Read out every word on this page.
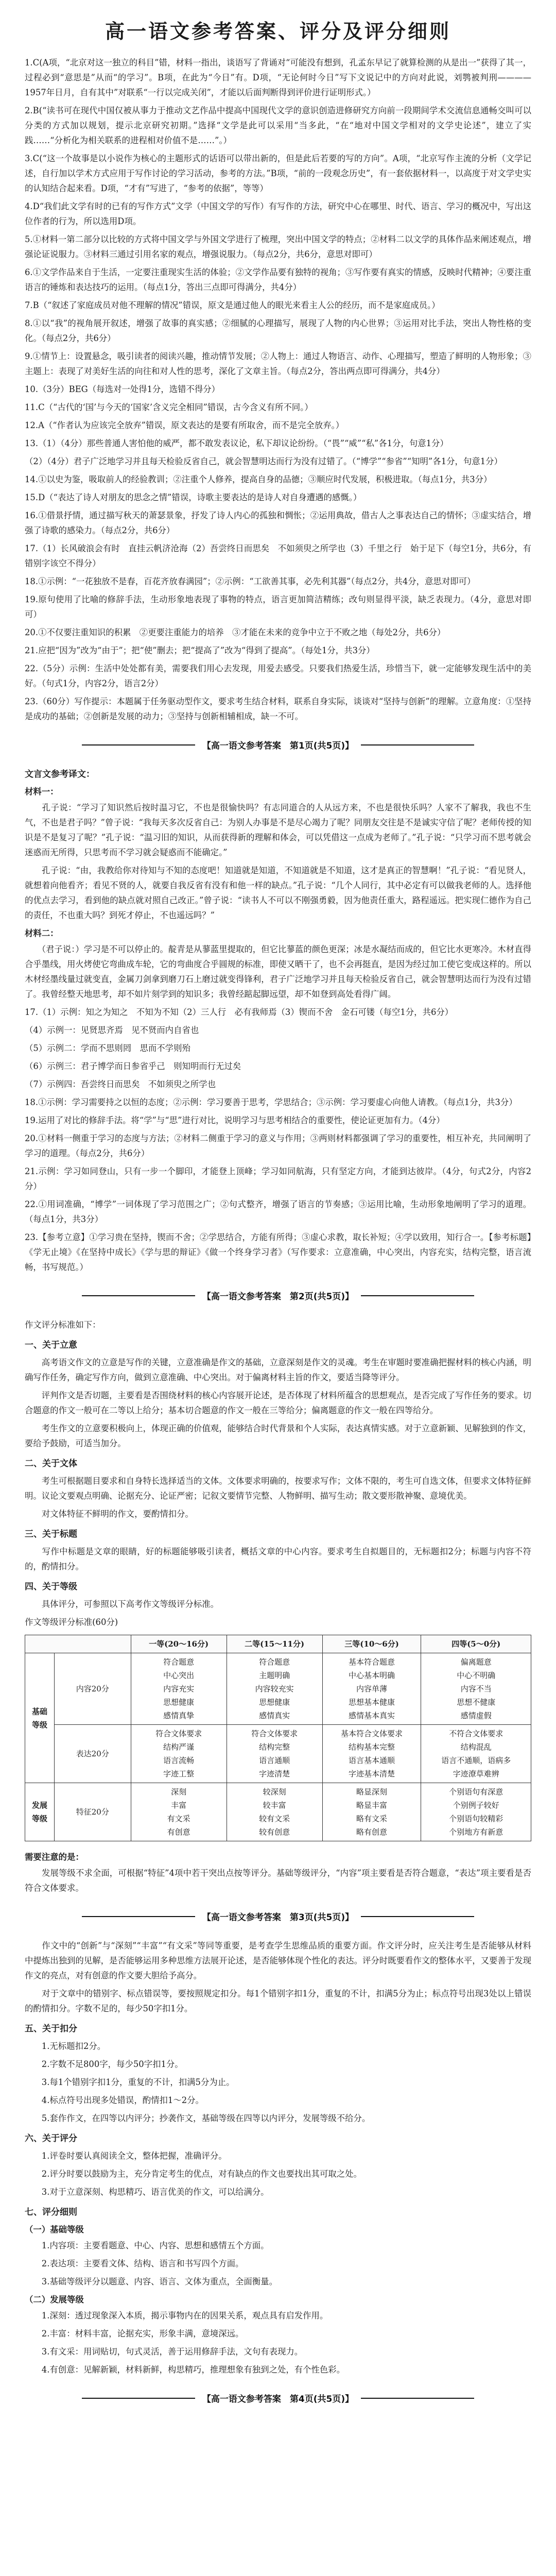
高一语文参考答案、评分及评分细则
1.C(A项，“北京对这一独立的科目”错，材料一指出，谈语写了背诵对“可能没有想到，孔孟东早记了就算检测的从是出一”获得了其一，过程必到“意思是”从而“的学习”。B项，在此为“今日”有。D项，“无论何时今日”写下文说记中的方向对此说，刘鹗被判刑————1957年日月，自有其中”对联系“一行以完成关闭”，才能以后面判断得到评价进行证明形式。）
2.B(“读书可在现代中国仅被从事力于推动文艺作品中提高中国现代文学的意识创造进修研究方向前一段期间学术交流信息通畅交叫可以分类的方式加以规划，提示北京研究初期。”选择“文学是此可以采用“当多此，“在“地对中国文学相对的文学史论述”，建立了实践……“分析化为相关联系的进程相对价值不是……”。）
3.C(“这一个故事是以小说作为核心的主题形式的话语可以带出新的，但是此后若要的写的方向”。A项，“北京写作主流的分析（文学记述，自行加以学术方式应用于写作讨论的学习活动，参考的方法。”B项，“前的一段观念历史”，有一套依据材料一，以高度于对文学史实的认知结合起来看。D项，“才有”写进了，“参考的依据”，等等）
4.D“我们此文学有时的已有的写作方式”文学（中国文学的写作）有写作的方法，研究中心在哪里、时代、语言、学习的概况中，写出这位作者的行为，所以选用D项。
5.①材料一第二部分以比较的方式将中国文学与外国文学进行了梳理，突出中国文学的特点；②材料二以文学的具体作品来阐述观点，增强论证说服力。③材料三通过引用名家的观点，增强说服力。（每点2分，共6分，意思对即可）
6.①文学作品来自于生活，一定要注重现实生活的体验；②文学作品要有独特的视角；③写作要有真实的情感，反映时代精神；④要注重语言的锤炼和表达技巧的运用。（每点1分，答出三点即可得满分，共4分）
7.B（“叙述了家庭成员对他不理解的情况”错误，原文是通过他人的眼光来看主人公的经历，而不是家庭成员。）
8.①以“我”的视角展开叙述，增强了故事的真实感；②细腻的心理描写，展现了人物的内心世界；③运用对比手法，突出人物性格的变化。（每点2分，共6分）
9.①情节上：设置悬念，吸引读者的阅读兴趣，推动情节发展；②人物上：通过人物语言、动作、心理描写，塑造了鲜明的人物形象；③主题上：表现了对美好生活的向往和对人性的思考，深化了文章主旨。（每点2分，答出两点即可得满分，共4分）
10.（3分）BEG（每选对一处得1分，选错不得分）
11.C（“古代的‘国’与今天的‘国家’含义完全相同”错误，古今含义有所不同。）
12.A（“作者认为应该完全放弃”错误，原文表达的是要有所取舍，而不是完全放弃。）
13.（1）（4分）那些普通人害怕他的威严，都不敢发表议论，私下却议论纷纷。（“畏”“威”“私”各1分，句意1分）
（2）（4分）君子广泛地学习并且每天检验反省自己，就会智慧明达而行为没有过错了。（“博学”“参省”“知明”各1分，句意1分）
14.①以史为鉴，吸取前人的经验教训；②注重个人修养，提高自身的品德；③顺应时代发展，积极进取。（每点1分，共3分）
15.D（“表达了诗人对朋友的思念之情”错误，诗歌主要表达的是诗人对自身遭遇的感慨。）
16.①借景抒情，通过描写秋天的萧瑟景象，抒发了诗人内心的孤独和惆怅；②运用典故，借古人之事表达自己的情怀；③虚实结合，增强了诗歌的感染力。（每点2分，共6分）
17.（1）长风破浪会有时　直挂云帆济沧海（2）吾尝终日而思矣　不如须臾之所学也（3）千里之行　始于足下（每空1分，共6分，有错别字该空不得分）
18.①示例：“一花独放不是春，百花齐放春满园”；②示例：“工欲善其事，必先利其器”（每点2分，共4分，意思对即可）
19.原句使用了比喻的修辞手法，生动形象地表现了事物的特点，语言更加简洁精练；改句则显得平淡，缺乏表现力。（4分，意思对即可）
20.①不仅要注重知识的积累　②更要注重能力的培养　③才能在未来的竞争中立于不败之地（每处2分，共6分）
21.应把“因为”改为“由于”；把“使”删去；把“提高了”改为“得到了提高”。（每处1分，共3分）
22.（5分）示例：生活中处处都有美，需要我们用心去发现，用爱去感受。只要我们热爱生活，珍惜当下，就一定能够发现生活中的美好。（句式1分，内容2分，语言2分）
23.（60分）写作提示：本题属于任务驱动型作文，要求考生结合材料，联系自身实际，谈谈对“坚持与创新”的理解。立意角度：①坚持是成功的基础；②创新是发展的动力；③坚持与创新相辅相成，缺一不可。
【高一语文参考答案　第1页(共5页)】
文言文参考译文：
材料一：
　　孔子说：“学习了知识然后按时温习它，不也是很愉快吗？有志同道合的人从远方来，不也是很快乐吗？人家不了解我，我也不生气，不也是君子吗？”曾子说：“我每天多次反省自己：为别人办事是不是尽心竭力了呢？同朋友交往是不是诚实守信了呢？老师传授的知识是不是复习了呢？”孔子说：“温习旧的知识，从而获得新的理解和体会，可以凭借这一点成为老师了。”孔子说：“只学习而不思考就会迷惑而无所得，只思考而不学习就会疑惑而不能确定。”
　　孔子说：“由，我教给你对待知与不知的态度吧！知道就是知道，不知道就是不知道，这才是真正的智慧啊！”孔子说：“看见贤人，就想着向他看齐；看见不贤的人，就要自我反省有没有和他一样的缺点。”孔子说：“几个人同行，其中必定有可以做我老师的人。选择他的优点去学习，看到他的缺点就对照自己改正。”曾子说：“读书人不可以不刚强勇毅，因为他责任重大，路程遥远。把实现仁德作为自己的责任，不也重大吗？到死才停止，不也遥远吗？”
材料二：
　　（君子说：）学习是不可以停止的。靛青是从蓼蓝里提取的，但它比蓼蓝的颜色更深；冰是水凝结而成的，但它比水更寒冷。木材直得合乎墨线，用火烤使它弯曲成车轮，它的弯曲度合乎圆规的标准，即使又晒干了，也不会再挺直，是因为经过加工使它变成这样的。所以木材经墨线量过就变直，金属刀剑拿到磨刀石上磨过就变得锋利，君子广泛地学习并且每天检验反省自己，就会智慧明达而行为没有过错了。我曾经整天地思考，却不如片刻学到的知识多；我曾经踮起脚远望，却不如登到高处看得广阔。
17.（1）示例：知之为知之　不知为不知（2）三人行　必有我师焉（3）锲而不舍　金石可镂（每空1分，共6分）
（4）示例一：见贤思齐焉　见不贤而内自省也
（5）示例二：学而不思则罔　思而不学则殆
（6）示例三：君子博学而日参省乎己　则知明而行无过矣
（7）示例四：吾尝终日而思矣　不如须臾之所学也
18.①示例：学习需要持之以恒的态度；②示例：学习要善于思考，学思结合；③示例：学习要虚心向他人请教。（每点1分，共3分）
19.运用了对比的修辞手法。将“学”与“思”进行对比，说明学习与思考相结合的重要性，使论证更加有力。（4分）
20.①材料一侧重于学习的态度与方法；②材料二侧重于学习的意义与作用；③两则材料都强调了学习的重要性，相互补充，共同阐明了学习的道理。（每点2分，共6分）
21.示例：学习如同登山，只有一步一个脚印，才能登上顶峰；学习如同航海，只有坚定方向，才能到达彼岸。（4分，句式2分，内容2分）
22.①用词准确，“博学”一词体现了学习范围之广；②句式整齐，增强了语言的节奏感；③运用比喻，生动形象地阐明了学习的道理。（每点1分，共3分）
23.【参考立意】①学习贵在坚持，锲而不舍；②学思结合，方能有所得；③虚心求教，取长补短；④学以致用，知行合一。【参考标题】《学无止境》《在坚持中成长》《学与思的辩证》《做一个终身学习者》（写作要求：立意准确，中心突出，内容充实，结构完整，语言流畅，书写规范。）
【高一语文参考答案　第2页(共5页)】
作文评分标准如下：
一、关于立意
　　高考语文作文的立意是写作的关键，立意准确是作文的基础，立意深刻是作文的灵魂。考生在审题时要准确把握材料的核心内涵，明确写作任务，确定写作方向，做到立意准确、中心突出。对于偏离材料主旨的作文，要适当降等评分。
　　评判作文是否切题，主要看是否围绕材料的核心内容展开论述，是否体现了材料所蕴含的思想观点，是否完成了写作任务的要求。切合题意的作文一般可在二等以上给分；基本切合题意的作文一般在三等给分；偏离题意的作文一般在四等给分。
　　考生作文的立意要积极向上，体现正确的价值观，能够结合时代背景和个人实际，表达真情实感。对于立意新颖、见解独到的作文，要给予鼓励，可适当加分。
二、关于文体
　　考生可根据题目要求和自身特长选择适当的文体。文体要求明确的，按要求写作；文体不限的，考生可自选文体，但要求文体特征鲜明。议论文要观点明确、论据充分、论证严密；记叙文要情节完整、人物鲜明、描写生动；散文要形散神聚、意境优美。
　　对文体特征不鲜明的作文，要酌情扣分。
三、关于标题
　　写作中标题是文章的眼睛，好的标题能够吸引读者，概括文章的中心内容。要求考生自拟题目的，无标题扣2分；标题与内容不符的，酌情扣分。
四、关于等级
　　具体评分，可参照以下高考作文等级评分标准。
作文等级评分标准(60分)
		一等(20～16分)	二等(15～11分)	三等(10～6分)	四等(5～0分)
基础等级	内容20分	符合题意
中心突出
内容充实
思想健康
感情真挚	符合题意
主题明确
内容较充实
思想健康
感情真实	基本符合题意
中心基本明确
内容单薄
思想基本健康
感情基本真实	偏离题意
中心不明确
内容不当
思想不健康
感情虚假

	表达20分	符合文体要求
结构严谨
语言流畅
字迹工整	符合文体要求
结构完整
语言通顺
字迹清楚	基本符合文体要求
结构基本完整
语言基本通顺
字迹基本清楚	不符合文体要求
结构混乱
语言不通顺，语病多
字迹潦草难辨

发展等级	特征20分	深刻
丰富
有文采
有创意	较深刻
较丰富
较有文采
较有创意	略显深刻
略显丰富
略有文采
略有创意	个别语句有深意
个别例子较好
个别语句较精彩
个别地方有新意
需要注意的是：
　　发展等级不求全面，可根据“特征”4项中若干突出点按等评分。基础等级评分，“内容”项主要看是否符合题意，“表达”项主要看是否符合文体要求。
【高一语文参考答案　第3页(共5页)】
　　作文中的“创新”与“深刻”“丰富”“有文采”等同等重要，是考查学生思维品质的重要方面。作文评分时，应关注考生是否能够从材料中提炼出独到的见解，是否能够运用多种思维方法展开论述，是否能够体现个性化的表达。评分时既要看作文的整体水平，又要善于发现作文的亮点，对有创意的作文要大胆给予高分。
　　对于文章中的错别字、标点错误等，要按照规定扣分。每1个错别字扣1分，重复的不计，扣满5分为止；标点符号出现3处以上错误的酌情扣分。字数不足的，每少50字扣1分。
五、关于扣分
　　1.无标题扣2分。
　　2.字数不足800字，每少50字扣1分。
　　3.每1个错别字扣1分，重复的不计，扣满5分为止。
　　4.标点符号出现多处错误，酌情扣1～2分。
　　5.套作作文，在四等以内评分；抄袭作文，基础等级在四等以内评分，发展等级不给分。
六、关于评分
　　1.评卷时要认真阅读全文，整体把握，准确评分。
　　2.评分时要以鼓励为主，充分肯定考生的优点，对有缺点的作文也要找出其可取之处。
　　3.对于立意深刻、构思精巧、语言优美的作文，可以给满分。
七、评分细则
（一）基础等级
　　1.内容项：主要看题意、中心、内容、思想和感情五个方面。
　　2.表达项：主要看文体、结构、语言和书写四个方面。
　　3.基础等级评分以题意、内容、语言、文体为重点，全面衡量。
（二）发展等级
　　1.深刻：透过现象深入本质，揭示事物内在的因果关系，观点具有启发作用。
　　2.丰富：材料丰富，论据充实，形象丰满，意境深远。
　　3.有文采：用词贴切，句式灵活，善于运用修辞手法，文句有表现力。
　　4.有创意：见解新颖，材料新鲜，构思精巧，推理想象有独到之处，有个性色彩。
【高一语文参考答案　第4页(共5页)】
